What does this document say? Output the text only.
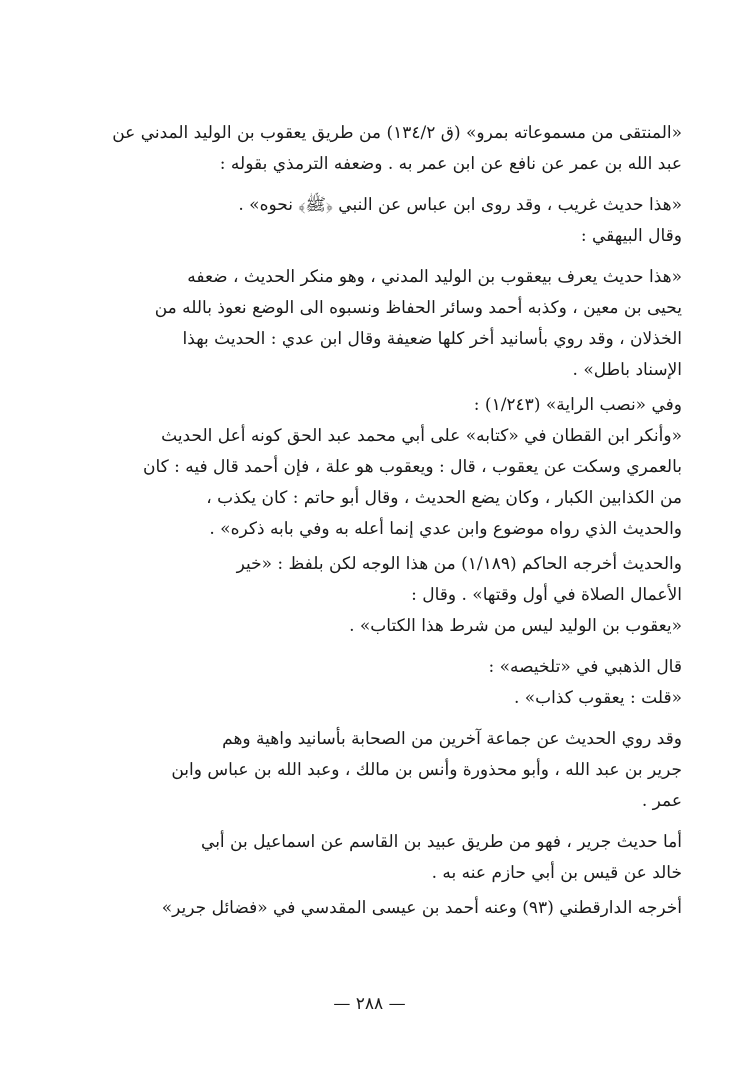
«المنتقى من مسموعاته بمرو» (ق ١٣٤/٢) من طريق يعقوب بن الوليد المدني عن
عبد الله بن عمر عن نافع عن ابن عمر به . وضعفه الترمذي بقوله :
«هذا حديث غريب ، وقد روى ابن عباس عن النبي ﴿ﷺ﴾ نحوه» .
وقال البيهقي :
«هذا حديث يعرف بيعقوب بن الوليد المدني ، وهو منكر الحديث ، ضعفه
يحيى بن معين ، وكذبه أحمد وسائر الحفاظ ونسبوه الى الوضع نعوذ بالله من
الخذلان ، وقد روي بأسانيد أخر كلها ضعيفة وقال ابن عدي : الحديث بهذا
الإسناد باطل» .
وفي «نصب الراية» (١/٢٤٣) :
«وأنكر ابن القطان في «كتابه» على أبي محمد عبد الحق كونه أعل الحديث
بالعمري وسكت عن يعقوب ، قال : ويعقوب هو علة ، فإن أحمد قال فيه : كان
من الكذابين الكبار ، وكان يضع الحديث ، وقال أبو حاتم : كان يكذب ،
والحديث الذي رواه موضوع وابن عدي إنما أعله به وفي بابه ذكره» .
والحديث أخرجه الحاكم (١/١٨٩) من هذا الوجه لكن بلفظ : «خير
الأعمال الصلاة في أول وقتها» . وقال :
«يعقوب بن الوليد ليس من شرط هذا الكتاب» .
قال الذهبي في «تلخيصه» :
«قلت : يعقوب كذاب» .
وقد روي الحديث عن جماعة آخرين من الصحابة بأسانيد واهية وهم
جرير بن عبد الله ، وأبو محذورة وأنس بن مالك ، وعبد الله بن عباس وابن
عمر .
أما حديث جرير ، فهو من طريق عبيد بن القاسم عن اسماعيل بن أبي
خالد عن قيس بن أبي حازم عنه به .
أخرجه الدارقطني (٩٣) وعنه أحمد بن عيسى المقدسي في «فضائل جرير»
— ٢٨٨ —
